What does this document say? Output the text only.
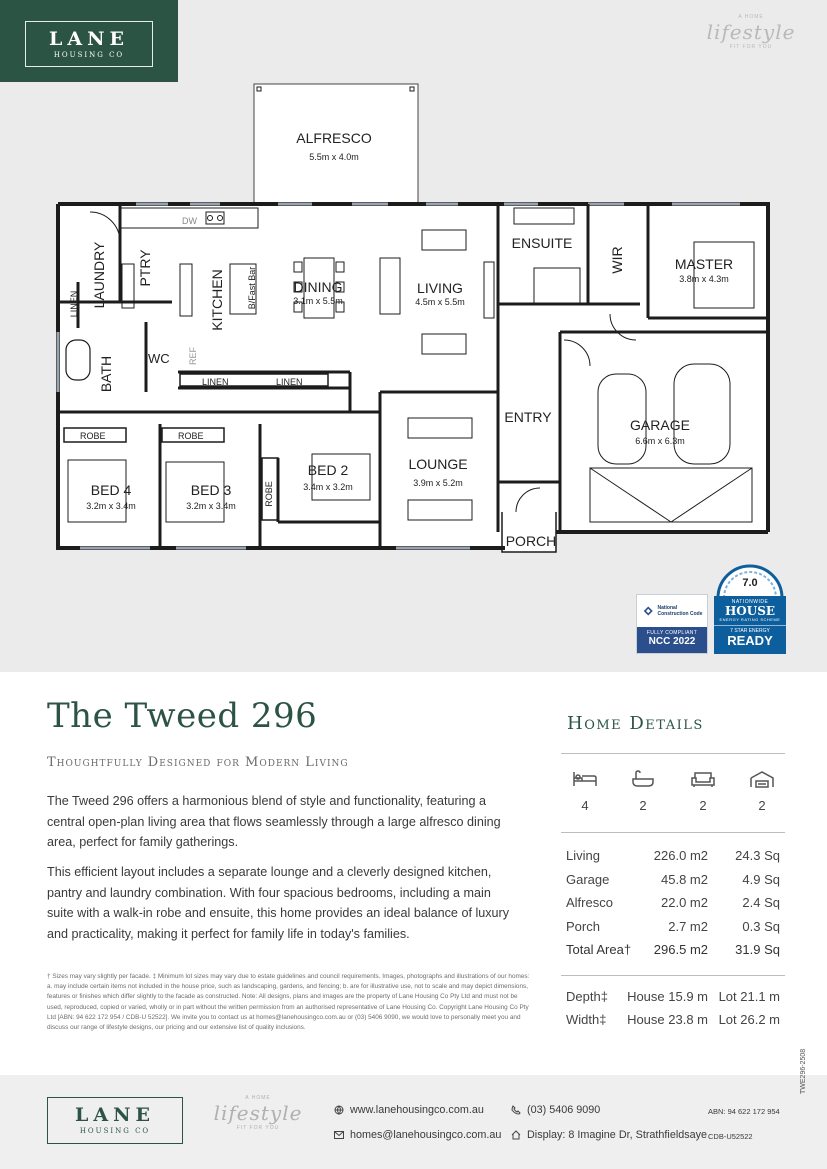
LANE
HOUSING CO
A HOME
lifestyle
FIT FOR YOU
ALFRESCO
DINING	LIVING
ENSUITE
MASTER
ENTRY	GARAGE
BED 4	BED 3
BED 2	LOUNGE
PORCH
5.5m x 4.0m
3.1m x 5.5m	4.5m x 5.5m
3.8m x 4.3m
6.6m x 6.3m
3.2m x 3.4m	3.2m x 3.4m
3.4m x 3.2m	3.9m x 5.2m
ROBE	ROBE
LINEN	LINEN
WC
DW
LAUNDRY PTRY
KITCHEN
BATH
WIR
LINEN
ROBE
B/Fast Bar
REF
National Construction Code
FULLY COMPLIANT
NCC 2022
7.0
NATIONWIDE
HOUSE
ENERGY RATING SCHEME
7 STAR ENERGY
READY
The Tweed 296
Thoughtfully Designed for Modern Living

The Tweed 296 offers a harmonious blend of style and functionality, featuring a central open-plan living area that flows seamlessly through a large alfresco dining area, perfect for family gatherings.

This efficient layout includes a separate lounge and a cleverly designed kitchen, pantry and laundry combination. With four spacious bedrooms, including a main suite with a walk-in robe and ensuite, this home provides an ideal balance of luxury and practicality, making it perfect for family life in today's families.

† Sizes may vary slightly per facade. ‡ Minimum lot sizes may vary due to estate guidelines and council requirements. Images, photographs and illustrations of our homes: a. may include certain items not included in the house price, such as landscaping, gardens, and fencing; b. are for illustrative use, not to scale and may depict dimensions, features or finishes which differ slightly to the facade as constructed. Note: All designs, plans and images are the property of Lane Housing Co Pty Ltd and must not be used, reproduced, copied or varied, wholly or in part without the written permission from an authorised representative of Lane Housing Co. Copyright Lane Housing Co Pty Ltd [ABN: 94 622 172 954 / CDB-U 52522]. We invite you to contact us at homes@lanehousingco.com.au or (03) 5406 9090, we would love to personally meet you and discuss our range of lifestyle designs, our pricing and our extensive list of quality inclusions.

Home Details
4	2	2	2
Living	226.0 m2 24.3 Sq
Garage	45.8 m2	4.9 Sq
Alfresco	22.0 m2	2.4 Sq
Porch	2.7 m2	0.3 Sq
Total Area† 296.5 m2 31.9 Sq
Depth‡ House 15.9 m Lot 21.1 m
Width‡ House 23.8 m Lot 26.2 m
LANE
HOUSING CO
A HOME
lifestyle
FIT FOR YOU
www.lanehousingco.com.au
homes@lanehousingco.com.au
(03) 5406 9090
Display: 8 Imagine Dr, Strathfieldsaye
ABN: 94 622 172 954
CDB-U52522
TWE296-2508
